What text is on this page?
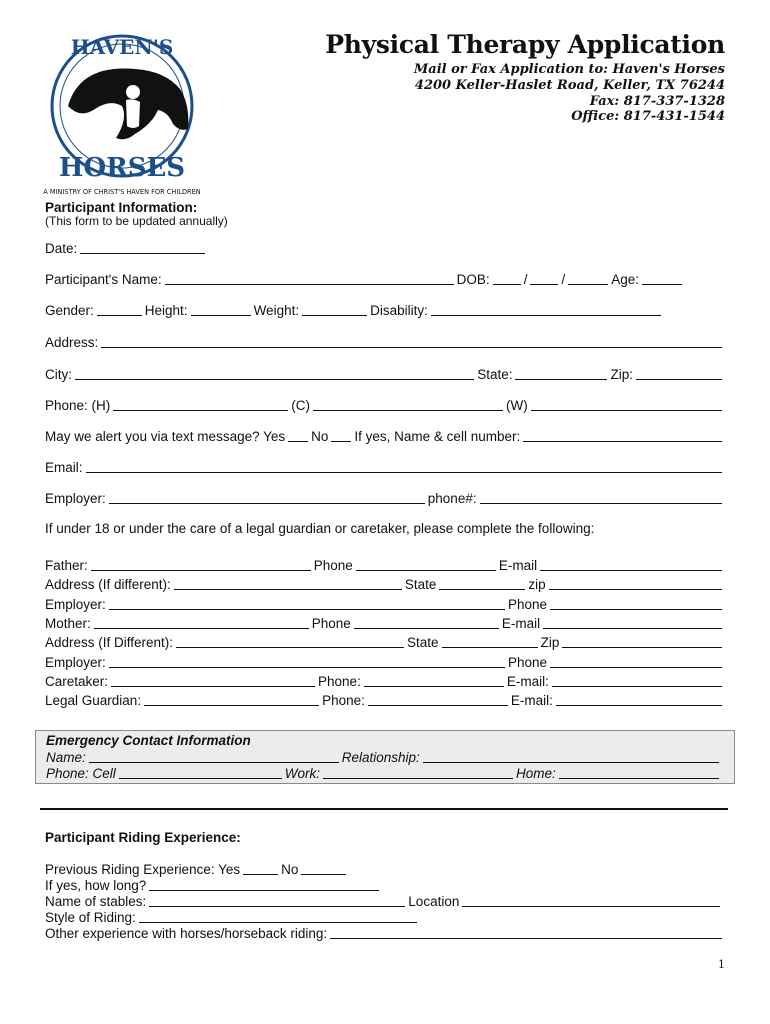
HAVEN'S
HORSES
A MINISTRY OF CHRIST'S HAVEN FOR CHILDREN
Physical Therapy Application
Mail or Fax Application to: Haven's Horses
4200 Keller-Haslet Road, Keller, TX 76244
Fax: 817-337-1328
Office: 817-431-1544
Participant Information:
(This form to be updated annually)
Date:
Participant's Name:	DOB:	/	/	Age:
Gender:	Height:	Weight:	Disability:
Address:
City:	State:	Zip:
Phone: (H)	(C)	(W)
May we alert you via text message? Yes No If yes, Name & cell number:
Email:
Employer:	phone#:
If under 18 or under the care of a legal guardian or caretaker, please complete the following:
Father:	Phone	E-mail
Address (If different):	State	zip
Employer:	Phone
Mother:	Phone	E-mail
Address (If Different):	State	Zip
Employer:	Phone
Caretaker:	Phone:	E-mail:
Legal Guardian:	Phone:	E-mail:
Emergency Contact Information
Name:	Relationship:
Phone: Cell	Work:	Home:
Participant Riding Experience:
Previous Riding Experience: Yes	No
If yes, how long?
Name of stables:	Location
Style of Riding:
Other experience with horses/horseback riding:
1
